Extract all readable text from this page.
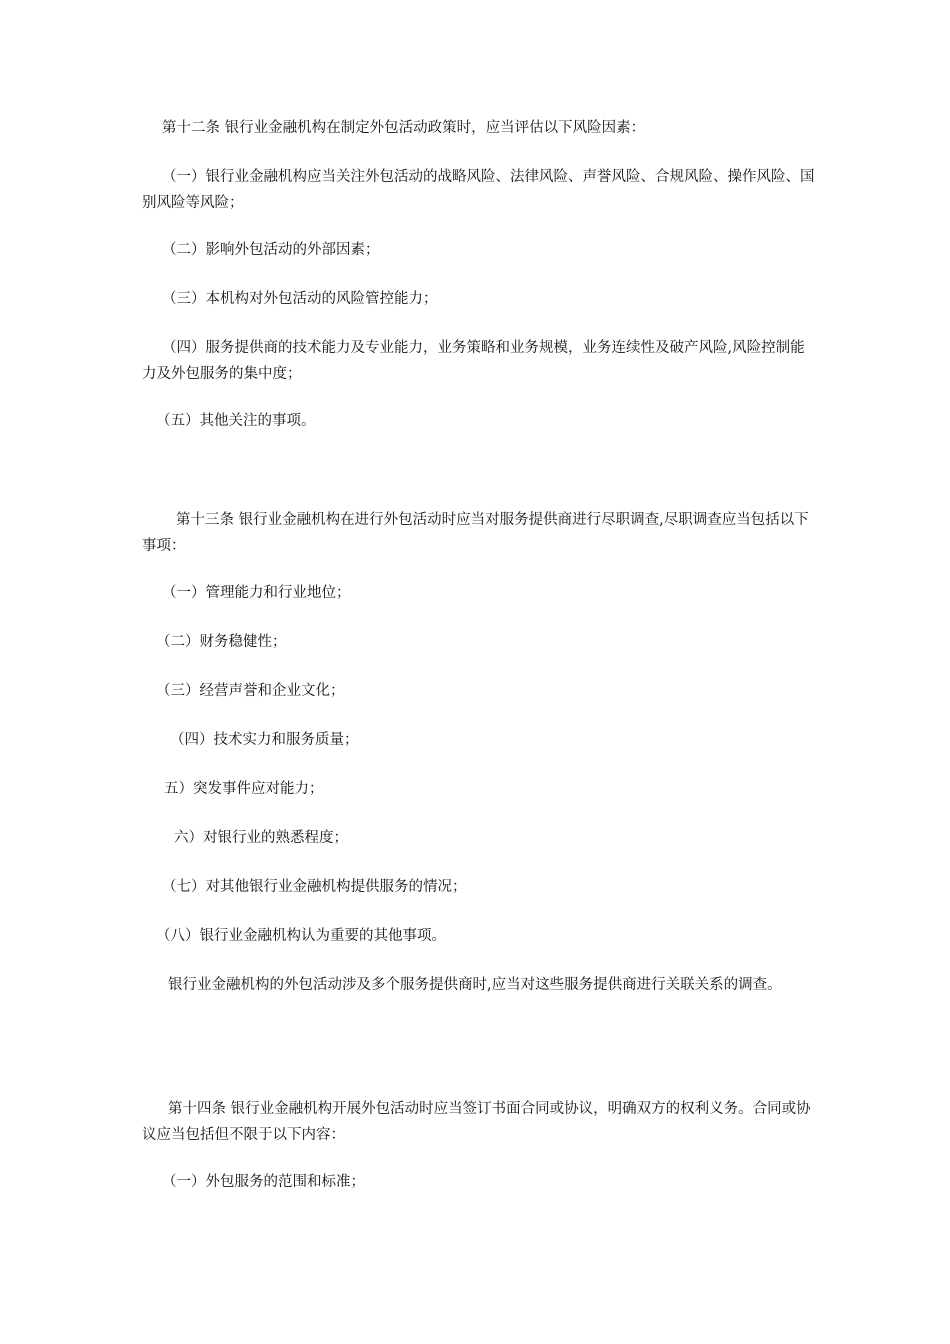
第十二条 银行业金融机构在制定外包活动政策时，应当评估以下风险因素：

（一）银行业金融机构应当关注外包活动的战略风险、法律风险、声誉风险、合规风险、操作风险、国别风险等风险；

（二）影响外包活动的外部因素；

（三）本机构对外包活动的风险管控能力；

（四）服务提供商的技术能力及专业能力，业务策略和业务规模，业务连续性及破产风险,风险控制能力及外包服务的集中度；

（五）其他关注的事项。

第十三条 银行业金融机构在进行外包活动时应当对服务提供商进行尽职调查,尽职调查应当包括以下事项：

（一）管理能力和行业地位；

（二）财务稳健性；

（三）经营声誉和企业文化；

（四）技术实力和服务质量；

五）突发事件应对能力；

六）对银行业的熟悉程度；

（七）对其他银行业金融机构提供服务的情况；

（八）银行业金融机构认为重要的其他事项。

银行业金融机构的外包活动涉及多个服务提供商时,应当对这些服务提供商进行关联关系的调查。

第十四条 银行业金融机构开展外包活动时应当签订书面合同或协议，明确双方的权利义务。合同或协议应当包括但不限于以下内容：

（一）外包服务的范围和标准；
